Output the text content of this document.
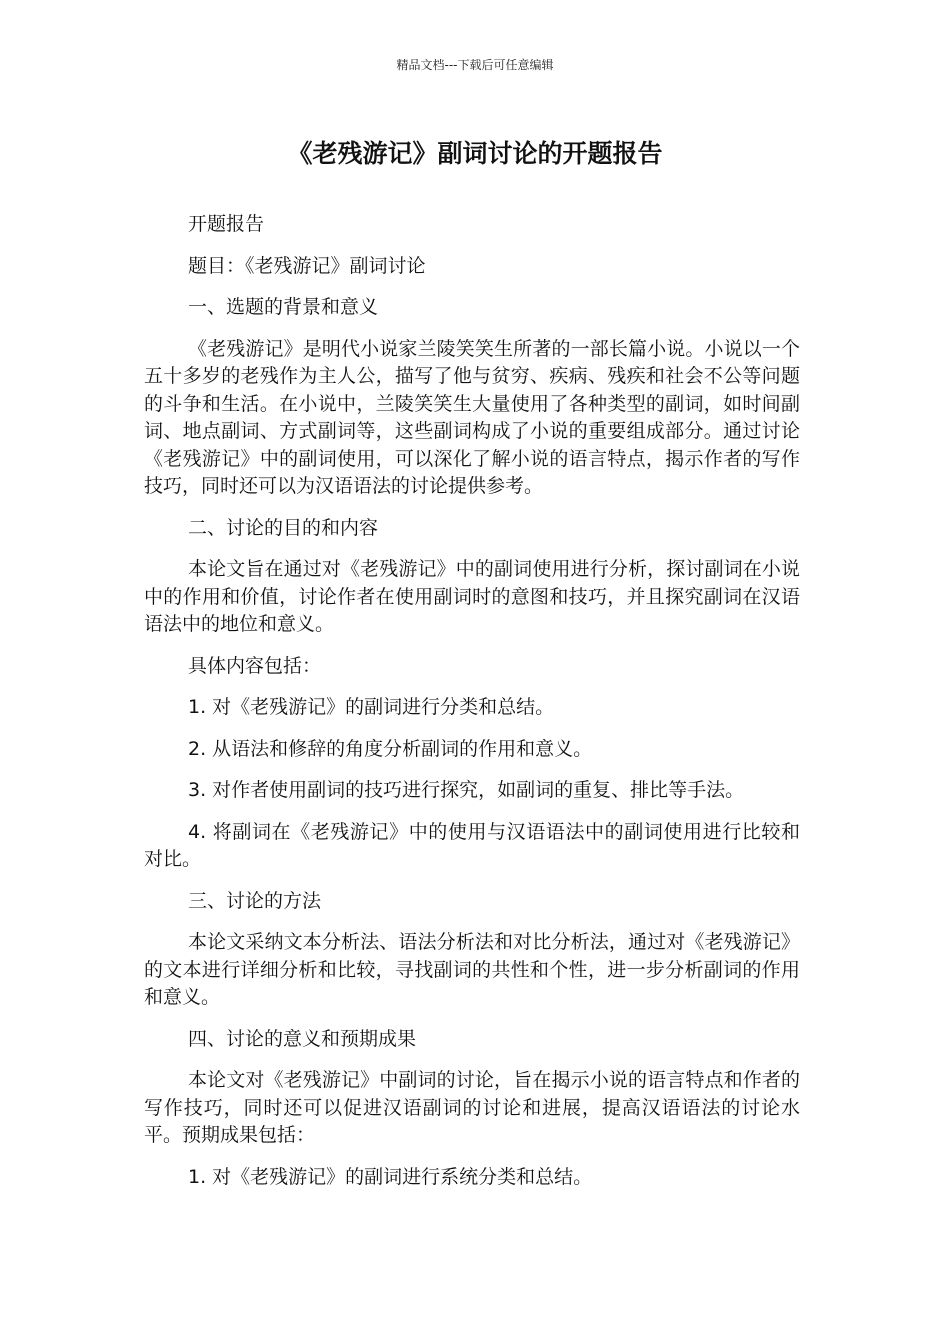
精品文档---下载后可任意编辑
《老残游记》副词讨论的开题报告

开题报告

题目：《老残游记》副词讨论

一、选题的背景和意义

《老残游记》是明代小说家兰陵笑笑生所著的一部长篇小说。小说以一个五十多岁的老残作为主人公，描写了他与贫穷、疾病、残疾和社会不公等问题的斗争和生活。在小说中，兰陵笑笑生大量使用了各种类型的副词，如时间副词、地点副词、方式副词等，这些副词构成了小说的重要组成部分。通过讨论《老残游记》中的副词使用，可以深化了解小说的语言特点，揭示作者的写作技巧，同时还可以为汉语语法的讨论提供参考。

二、讨论的目的和内容

本论文旨在通过对《老残游记》中的副词使用进行分析，探讨副词在小说中的作用和价值，讨论作者在使用副词时的意图和技巧，并且探究副词在汉语语法中的地位和意义。

具体内容包括：

1. 对《老残游记》的副词进行分类和总结。

2. 从语法和修辞的角度分析副词的作用和意义。

3. 对作者使用副词的技巧进行探究，如副词的重复、排比等手法。

4. 将副词在《老残游记》中的使用与汉语语法中的副词使用进行比较和对比。

三、讨论的方法

本论文采纳文本分析法、语法分析法和对比分析法，通过对《老残游记》的文本进行详细分析和比较，寻找副词的共性和个性，进一步分析副词的作用和意义。

四、讨论的意义和预期成果

本论文对《老残游记》中副词的讨论，旨在揭示小说的语言特点和作者的写作技巧，同时还可以促进汉语副词的讨论和进展，提高汉语语法的讨论水平。预期成果包括：

1. 对《老残游记》的副词进行系统分类和总结。
